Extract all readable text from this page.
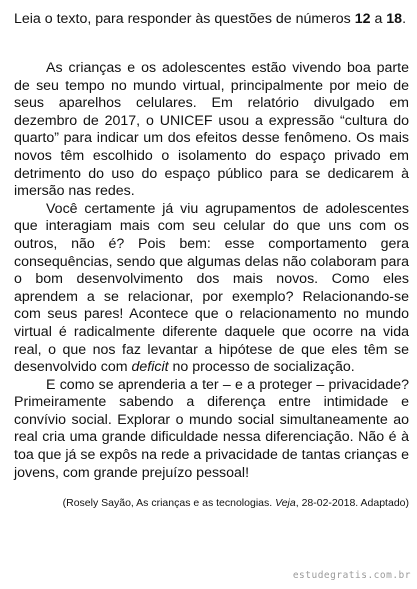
Leia o texto, para responder às questões de números 12 a 18.

As crianças e os adolescentes estão vivendo boa parte de seu tempo no mundo virtual, principalmente por meio de seus aparelhos celulares. Em relatório divulgado em dezembro de 2017, o UNICEF usou a expressão “cultura do quarto” para indicar um dos efeitos desse fenômeno. Os mais novos têm escolhido o isolamento do espaço privado em detrimento do uso do espaço público para se dedicarem à imersão nas redes.

Você certamente já viu agrupamentos de adolescentes que interagiam mais com seu celular do que uns com os outros, não é? Pois bem: esse comportamento gera consequências, sendo que algumas delas não colaboram para o bom desenvolvimento dos mais novos. Como eles aprendem a se relacionar, por exemplo? Relacionando-se com seus pares! Acontece que o relacionamento no mundo virtual é radicalmente diferente daquele que ocorre na vida real, o que nos faz levantar a hipótese de que eles têm se desenvolvido com deficit no processo de socialização.

E como se aprenderia a ter – e a proteger – privacidade? Primeiramente sabendo a diferença entre intimidade e convívio social. Explorar o mundo social simultaneamente ao real cria uma grande dificuldade nessa diferenciação. Não é à toa que já se expôs na rede a privacidade de tantas crianças e jovens, com grande prejuízo pessoal!

(Rosely Sayão, As crianças e as tecnologias. Veja, 28-02-2018. Adaptado)

estudegratis.com.br
